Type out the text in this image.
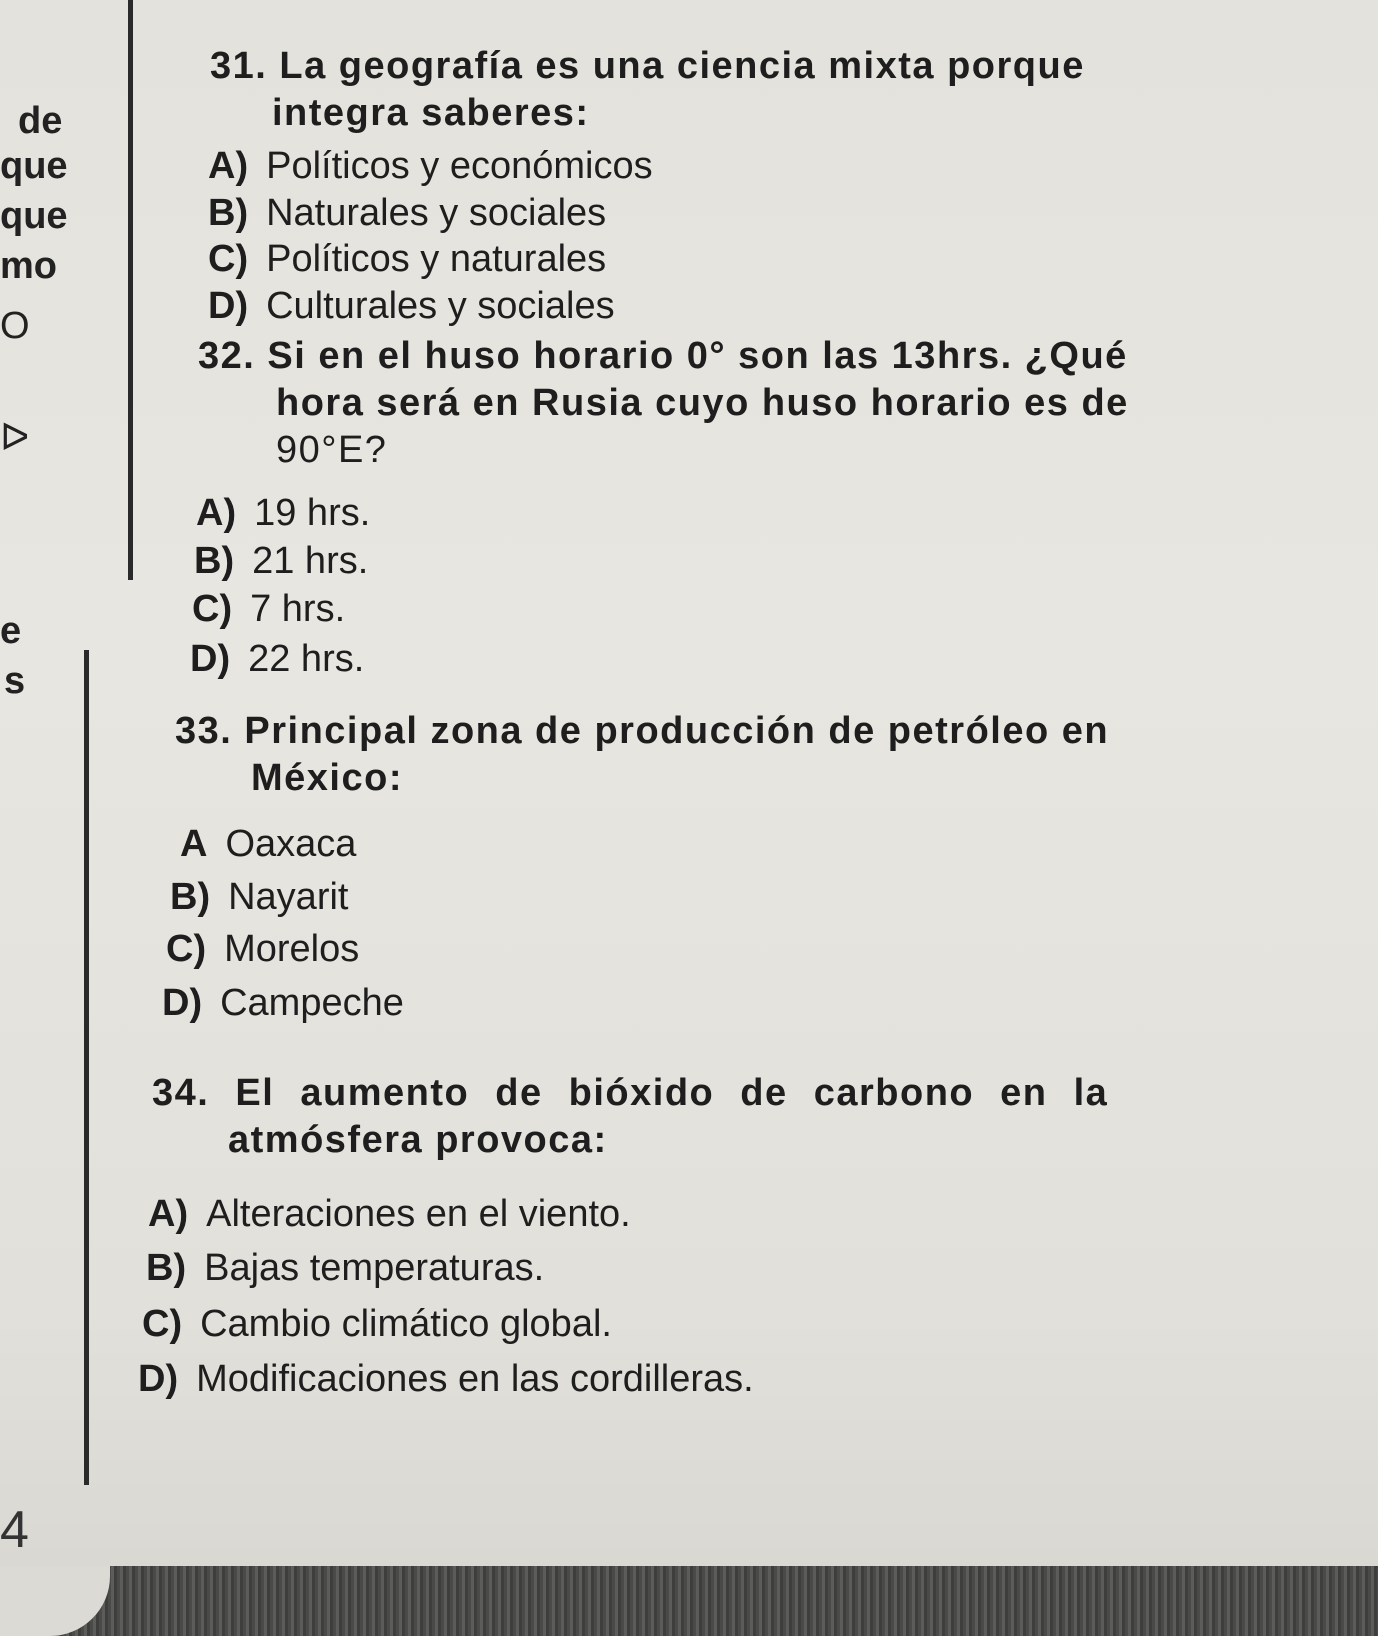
de
que
que
mo
O
ᐅ
e
s
31. La geografía es una ciencia mixta porque
integra saberes:
A) Políticos y económicos
B) Naturales y sociales
C) Políticos y naturales
D) Culturales y sociales
32. Si en el huso horario 0° son las 13hrs. ¿Qué
hora será en Rusia cuyo huso horario es de
90°E?
A) 19 hrs.
B) 21 hrs.
C) 7 hrs.
D) 22 hrs.
33. Principal zona de producción de petróleo en
México:
A Oaxaca
B) Nayarit
C) Morelos
D) Campeche
34. El aumento de bióxido de carbono en la
atmósfera provoca:
A) Alteraciones en el viento.
B) Bajas temperaturas.
C) Cambio climático global.
D) Modificaciones en las cordilleras.
4
